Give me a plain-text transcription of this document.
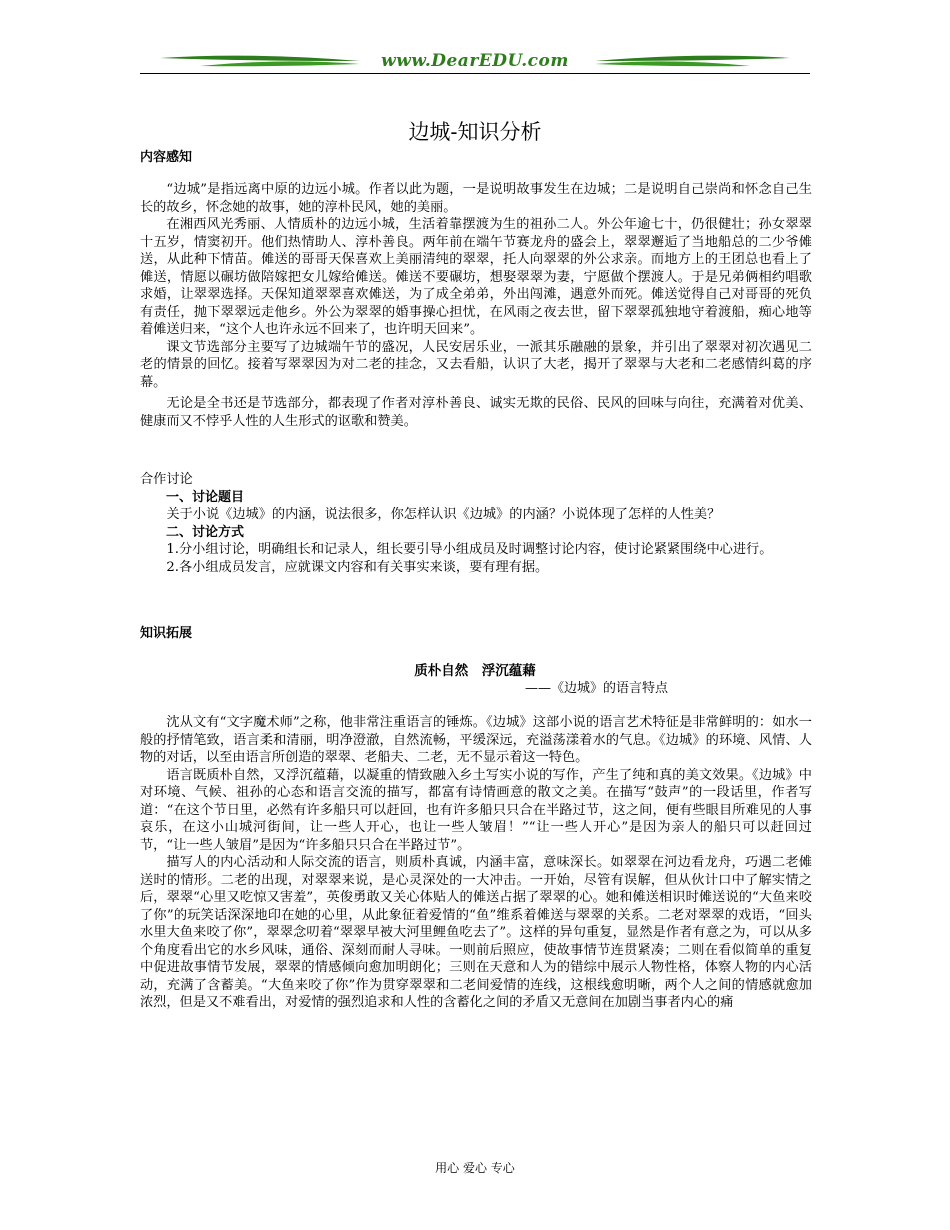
www.DearEDU.com
边城-知识分析
内容感知

“边城”是指远离中原的边远小城。作者以此为题，一是说明故事发生在边城；二是说明自己崇尚和怀念自己生长的故乡，怀念她的故事，她的淳朴民风，她的美丽。

在湘西风光秀丽、人情质朴的边远小城，生活着靠摆渡为生的祖孙二人。外公年逾七十，仍很健壮；孙女翠翠十五岁，情窦初开。他们热情助人、淳朴善良。两年前在端午节赛龙舟的盛会上，翠翠邂逅了当地船总的二少爷傩送，从此种下情苗。傩送的哥哥天保喜欢上美丽清纯的翠翠，托人向翠翠的外公求亲。而地方上的王团总也看上了傩送，情愿以碾坊做陪嫁把女儿嫁给傩送。傩送不要碾坊，想娶翠翠为妻，宁愿做个摆渡人。于是兄弟俩相约唱歌求婚，让翠翠选择。天保知道翠翠喜欢傩送，为了成全弟弟，外出闯滩，遇意外而死。傩送觉得自己对哥哥的死负有责任，抛下翠翠远走他乡。外公为翠翠的婚事操心担忧，在风雨之夜去世，留下翠翠孤独地守着渡船，痴心地等着傩送归来，“这个人也许永远不回来了，也许明天回来”。

课文节选部分主要写了边城端午节的盛况，人民安居乐业，一派其乐融融的景象，并引出了翠翠对初次遇见二老的情景的回忆。接着写翠翠因为对二老的挂念，又去看船，认识了大老，揭开了翠翠与大老和二老感情纠葛的序幕。

无论是全书还是节选部分，都表现了作者对淳朴善良、诚实无欺的民俗、民风的回味与向往，充满着对优美、健康而又不悖乎人性的人生形式的讴歌和赞美。

合作讨论
一、讨论题目

关于小说《边城》的内涵，说法很多，你怎样认识《边城》的内涵？小说体现了怎样的人性美？

二、讨论方式

1.分小组讨论，明确组长和记录人，组长要引导小组成员及时调整讨论内容，使讨论紧紧围绕中心进行。

2.各小组成员发言，应就课文内容和有关事实来谈，要有理有据。

知识拓展
质朴自然　浮沉蕴藉
——《边城》的语言特点

沈从文有“文字魔术师”之称，他非常注重语言的锤炼。《边城》这部小说的语言艺术特征是非常鲜明的：如水一般的抒情笔致，语言柔和清丽，明净澄澈，自然流畅，平缓深远，充溢荡漾着水的气息。《边城》的环境、风情、人物的对话，以至由语言所创造的翠翠、老船夫、二老，无不显示着这一特色。

语言既质朴自然，又浮沉蕴藉，以凝重的情致融入乡土写实小说的写作，产生了纯和真的美文效果。《边城》中对环境、气候、祖孙的心态和语言交流的描写，都富有诗情画意的散文之美。在描写“鼓声”的一段话里，作者写道：“在这个节日里，必然有许多船只可以赶回，也有许多船只只合在半路过节，这之间，便有些眼目所难见的人事哀乐，在这小山城河街间，让一些人开心，也让一些人皱眉！”“让一些人开心”是因为亲人的船只可以赶回过节，“让一些人皱眉”是因为“许多船只只合在半路过节”。

描写人的内心活动和人际交流的语言，则质朴真诚，内涵丰富，意味深长。如翠翠在河边看龙舟，巧遇二老傩送时的情形。二老的出现，对翠翠来说，是心灵深处的一大冲击。一开始，尽管有误解，但从伙计口中了解实情之后，翠翠“心里又吃惊又害羞”，英俊勇敢又关心体贴人的傩送占据了翠翠的心。她和傩送相识时傩送说的“大鱼来咬了你”的玩笑话深深地印在她的心里，从此象征着爱情的“鱼”维系着傩送与翠翠的关系。二老对翠翠的戏语，“回头水里大鱼来咬了你”，翠翠念叨着“翠翠早被大河里鲤鱼吃去了”。这样的异句重复，显然是作者有意之为，可以从多个角度看出它的水乡风味，通俗、深刻而耐人寻味。一则前后照应，使故事情节连贯紧凑；二则在看似简单的重复中促进故事情节发展，翠翠的情感倾向愈加明朗化；三则在天意和人为的错综中展示人物性格，体察人物的内心活动，充满了含蓄美。“大鱼来咬了你”作为贯穿翠翠和二老间爱情的连线，这根线愈明晰，两个人之间的情感就愈加浓烈，但是又不难看出，对爱情的强烈追求和人性的含蓄化之间的矛盾又无意间在加剧当事者内心的痛

用心 爱心 专心
